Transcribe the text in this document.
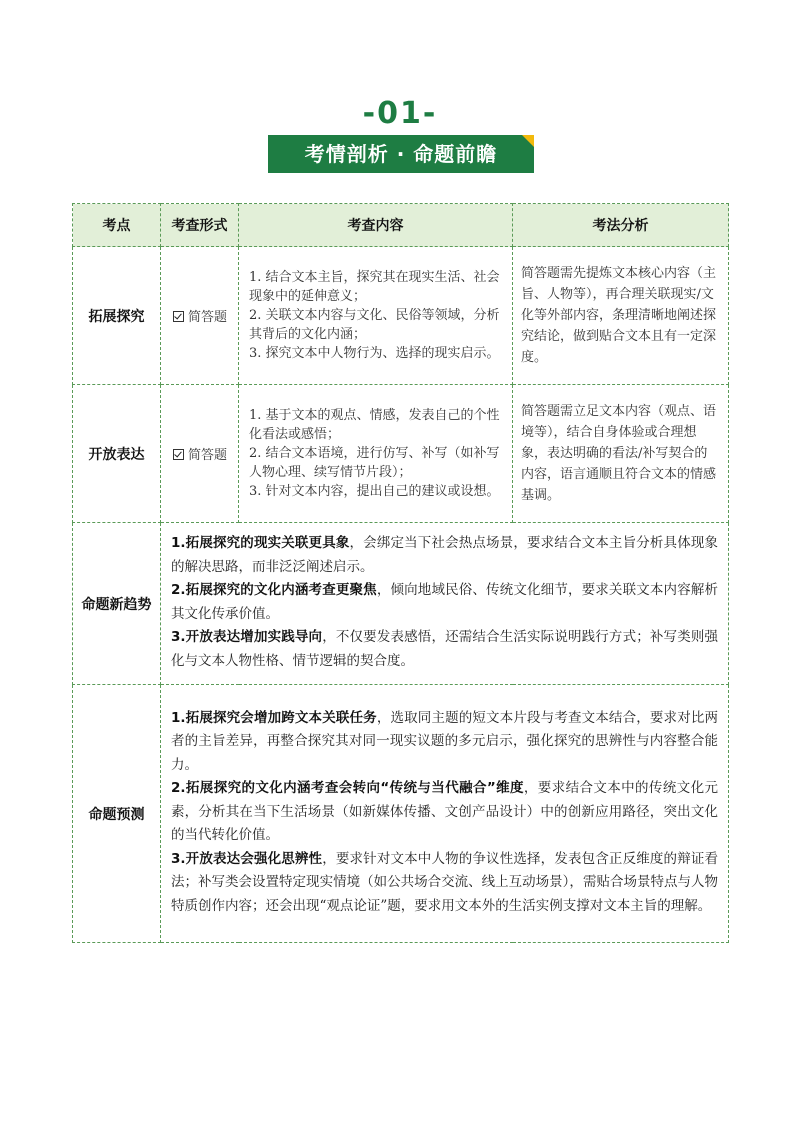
-01-
考情剖析 · 命题前瞻
考点	考查形式	考查内容	考法分析
拓展探究	简答题	1. 结合文本主旨，探究其在现实生活、社会现象中的延伸意义；
2. 关联文本内容与文化、民俗等领域，分析其背后的文化内涵；
3. 探究文本中人物行为、选择的现实启示。	简答题需先提炼文本核心内容（主旨、人物等），再合理关联现实/文化等外部内容，条理清晰地阐述探究结论，做到贴合文本且有一定深度。
开放表达	简答题	1. 基于文本的观点、情感，发表自己的个性化看法或感悟；
2. 结合文本语境，进行仿写、补写（如补写人物心理、续写情节片段）；
3. 针对文本内容，提出自己的建议或设想。	简答题需立足文本内容（观点、语境等），结合自身体验或合理想象，表达明确的看法/补写契合的内容，语言通顺且符合文本的情感基调。
命题新趋势	1.拓展探究的现实关联更具象，会绑定当下社会热点场景，要求结合文本主旨分析具体现象的解决思路，而非泛泛阐述启示。

2.拓展探究的文化内涵考查更聚焦，倾向地域民俗、传统文化细节，要求关联文本内容解析其文化传承价值。

3.开放表达增加实践导向，不仅要发表感悟，还需结合生活实际说明践行方式；补写类则强化与文本人物性格、情节逻辑的契合度。		

命题预测	1.拓展探究会增加跨文本关联任务，选取同主题的短文本片段与考查文本结合，要求对比两者的主旨差异，再整合探究其对同一现实议题的多元启示，强化探究的思辨性与内容整合能力。

2.拓展探究的文化内涵考查会转向“传统与当代融合”维度，要求结合文本中的传统文化元素，分析其在当下生活场景（如新媒体传播、文创产品设计）中的创新应用路径，突出文化的当代转化价值。

3.开放表达会强化思辨性，要求针对文本中人物的争议性选择，发表包含正反维度的辩证看法；补写类会设置特定现实情境（如公共场合交流、线上互动场景），需贴合场景特点与人物特质创作内容；还会出现“观点论证”题，要求用文本外的生活实例支撑对文本主旨的理解。		
